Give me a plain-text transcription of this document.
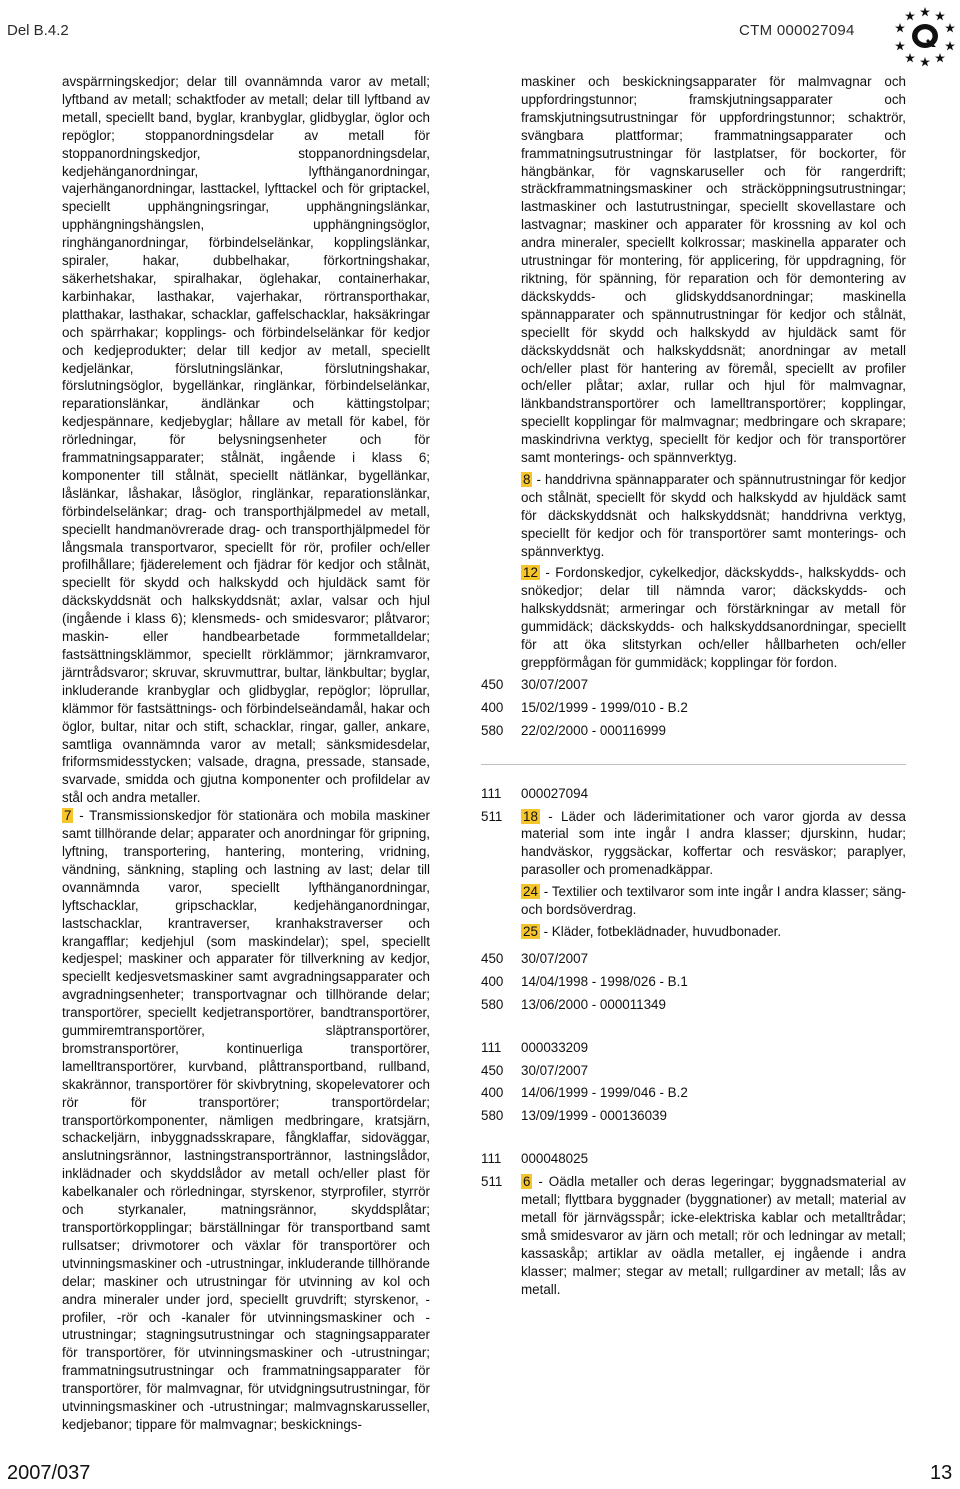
Del B.4.2	CTM 000027094

avspärrningskedjor; delar till ovannämnda varor av metall; lyftband av metall; schaktfoder av metall; delar till lyftband av metall, speciellt band, byglar, kranbyglar, glidbyglar, öglor och repöglor; stoppanordningsdelar av metall för stoppanordningskedjor, stoppanordningsdelar, kedjehänganordningar, lyfthänganordningar, vajerhänganordningar, lasttackel, lyfttackel och för griptackel, speciellt upphängningsringar, upphängningslänkar, upphängningshängslen, upphängningsöglor, ringhänganordningar, förbindelselänkar, kopplingslänkar, spiraler, hakar, dubbelhakar, förkortningshakar, säkerhetshakar, spiralhakar, öglehakar, containerhakar, karbinhakar, lasthakar, vajerhakar, rörtransporthakar, platthakar, lasthakar, schacklar, gaffelschacklar, haksäkringar och spärrhakar; kopplings- och förbindelselänkar för kedjor och kedjeprodukter; delar till kedjor av metall, speciellt kedjelänkar, förslutningslänkar, förslutningshakar, förslutningsöglor, bygellänkar, ringlänkar, förbindelselänkar, reparationslänkar, ändlänkar och kättingstolpar; kedjespännare, kedjebyglar; hållare av metall för kabel, för rörledningar, för belysningsenheter och för frammatningsapparater; stålnät, ingående i klass 6; komponenter till stålnät, speciellt nätlänkar, bygellänkar, låslänkar, låshakar, låsöglor, ringlänkar, reparationslänkar, förbindelselänkar; drag- och transporthjälpmedel av metall, speciellt handmanövrerade drag- och transporthjälpmedel för långsmala transportvaror, speciellt för rör, profiler och/eller profilhållare; fjäderelement och fjädrar för kedjor och stålnät, speciellt för skydd och halkskydd och hjuldäck samt för däckskyddsnät och halkskyddsnät; axlar, valsar och hjul (ingående i klass 6); klensmeds- och smidesvaror; plåtvaror; maskin- eller handbearbetade formmetalldelar; fastsättningsklämmor, speciellt rörklämmor; järnkramvaror, järntrådsvaror; skruvar, skruvmuttrar, bultar, länkbultar; byglar, inkluderande kranbyglar och glidbyglar, repöglor; löprullar, klämmor för fastsättnings- och förbindelseändamål, hakar och öglor, bultar, nitar och stift, schacklar, ringar, galler, ankare, samtliga ovannämnda varor av metall; sänksmidesdelar, friformsmidesstycken; valsade, dragna, pressade, stansade, svarvade, smidda och gjutna komponenter och profildelar av stål och andra metaller.

7 - Transmissionskedjor för stationära och mobila maskiner samt tillhörande delar; apparater och anordningar för gripning, lyftning, transportering, hantering, montering, vridning, vändning, sänkning, stapling och lastning av last; delar till ovannämnda varor, speciellt lyfthänganordningar, lyftschacklar, gripschacklar, kedjehänganordningar, lastschacklar, krantraverser, kranhakstraverser och krangafflar; kedjehjul (som maskindelar); spel, speciellt kedjespel; maskiner och apparater för tillverkning av kedjor, speciellt kedjesvetsmaskiner samt avgradningsapparater och avgradningsenheter; transportvagnar och tillhörande delar; transportörer, speciellt kedjetransportörer, bandtransportörer, gummiremtransportörer, släptransportörer, bromstransportörer, kontinuerliga transportörer, lamelltransportörer, kurvband, plåttransportband, rullband, skakrännor, transportörer för skivbrytning, skopelevatorer och rör för transportörer; transportördelar; transportörkomponenter, nämligen medbringare, kratsjärn, schackeljärn, inbyggnadsskrapare, fångklaffar, sidoväggar, anslutningsrännor, lastningstransportrännor, lastningslådor, inklädnader och skyddslådor av metall och/eller plast för kabelkanaler och rörledningar, styrskenor, styrprofiler, styrrör och styrkanaler, matningsrännor, skyddsplåtar; transportörkopplingar; bärställningar för transportband samt rullsatser; drivmotorer och växlar för transportörer och utvinningsmaskiner och -utrustningar, inkluderande tillhörande delar; maskiner och utrustningar för utvinning av kol och andra mineraler under jord, speciellt gruvdrift; styrskenor, -profiler, -rör och -kanaler för utvinningsmaskiner och -utrustningar; stagningsutrustningar och stagningsapparater för transportörer, för utvinningsmaskiner och -utrustningar; frammatningsutrustningar och frammatningsapparater för transportörer, för malmvagnar, för utvidgningsutrustningar, för utvinningsmaskiner och -utrustningar; malmvagnskarusseller, kedjebanor; tippare för malmvagnar; beskicknings-

maskiner och beskickningsapparater för malmvagnar och uppfordringstunnor; framskjutningsapparater och framskjutningsutrustningar för uppfordringstunnor; schaktrör, svängbara plattformar; frammatningsapparater och frammatningsutrustningar för lastplatser, för bockorter, för hängbänkar, för vagnskaruseller och för rangerdrift; sträckframmatningsmaskiner och sträcköppningsutrustningar; lastmaskiner och lastutrustningar, speciellt skovellastare och lastvagnar; maskiner och apparater för krossning av kol och andra mineraler, speciellt kolkrossar; maskinella apparater och utrustningar för montering, för applicering, för uppdragning, för riktning, för spänning, för reparation och för demontering av däckskydds- och glidskyddsanordningar; maskinella spännapparater och spännutrustningar för kedjor och stålnät, speciellt för skydd och halkskydd av hjuldäck samt för däckskyddsnät och halkskyddsnät; anordningar av metall och/eller plast för hantering av föremål, speciellt av profiler och/eller plåtar; axlar, rullar och hjul för malmvagnar, länkbandstransportörer och lamelltransportörer; kopplingar, speciellt kopplingar för malmvagnar; medbringare och skrapare; maskindrivna verktyg, speciellt för kedjor och för transportörer samt monterings- och spännverktyg.

8 - handdrivna spännapparater och spännutrustningar för kedjor och stålnät, speciellt för skydd och halkskydd av hjuldäck samt för däckskyddsnät och halkskyddsnät; handdrivna verktyg, speciellt för kedjor och för transportörer samt monterings- och spännverktyg.

12 - Fordonskedjor, cykelkedjor, däckskydds-, halkskydds- och snökedjor; delar till nämnda varor; däckskydds- och halkskyddsnät; armeringar och förstärkningar av metall för gummidäck; däckskydds- och halkskyddsanordningar, speciellt för att öka slitstyrkan och/eller hållbarheten och/eller greppförmågan för gummidäck; kopplingar för fordon.

450	30/07/2007
400	15/02/1999 - 1999/010 - B.2
580	22/02/2000 - 000116999
111	000027094
511	18 - Läder och läderimitationer och varor gjorda av dessa material som inte ingår I andra klasser; djurskinn, hudar; handväskor, ryggsäckar, koffertar och resväskor; paraplyer, parasoller och promenadkäppar.

24 - Textilier och textilvaror som inte ingår I andra klasser; säng- och bordsöverdrag.

25 - Kläder, fotbeklädnader, huvudbonader.

450	30/07/2007
400	14/04/1998 - 1998/026 - B.1
580	13/06/2000 - 000011349
111	000033209
450	30/07/2007
400	14/06/1999 - 1999/046 - B.2
580	13/09/1999 - 000136039
111	000048025
511	6 - Oädla metaller och deras legeringar; byggnadsmaterial av metall; flyttbara byggnader (byggnationer) av metall; material av metall för järnvägsspår; icke-elektriska kablar och metalltrådar; små smidesvaror av järn och metall; rör och ledningar av metall; kassaskåp; artiklar av oädla metaller, ej ingående i andra klasser; malmer; stegar av metall; rullgardiner av metall; lås av metall.

2007/037	13
